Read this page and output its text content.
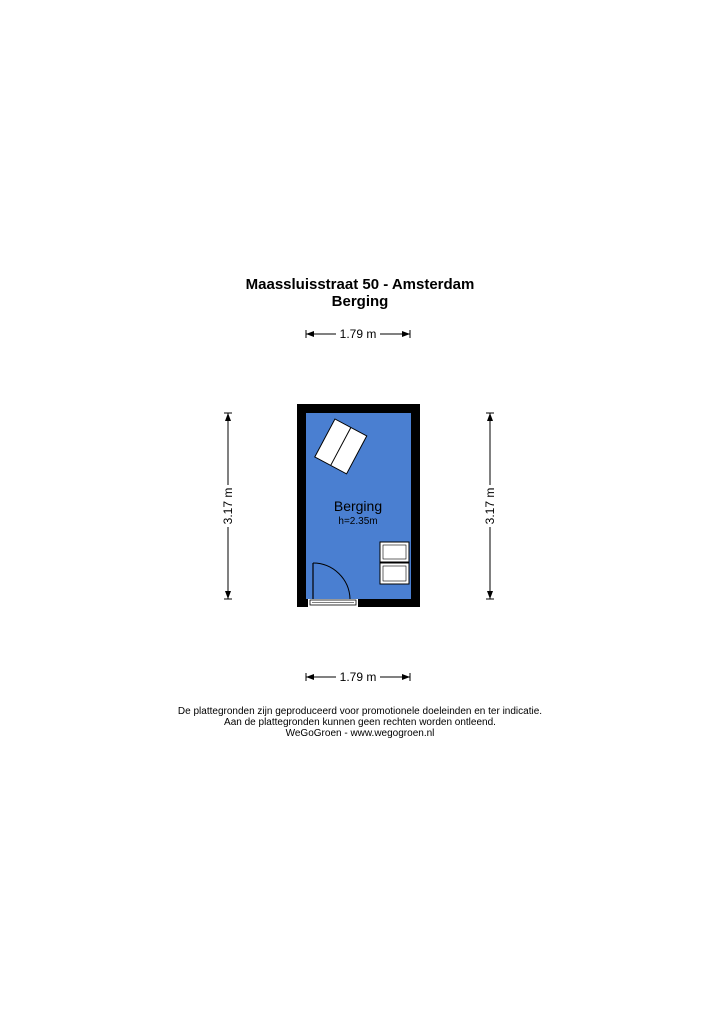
Maassluisstraat 50 - Amsterdam
Berging
1.79 m
1.79 m
3.17 m	3.17 m
Berging
h=2.35m
De plattegronden zijn geproduceerd voor promotionele doeleinden en ter indicatie.
Aan de plattegronden kunnen geen rechten worden ontleend.
WeGoGroen - www.wegogroen.nl
